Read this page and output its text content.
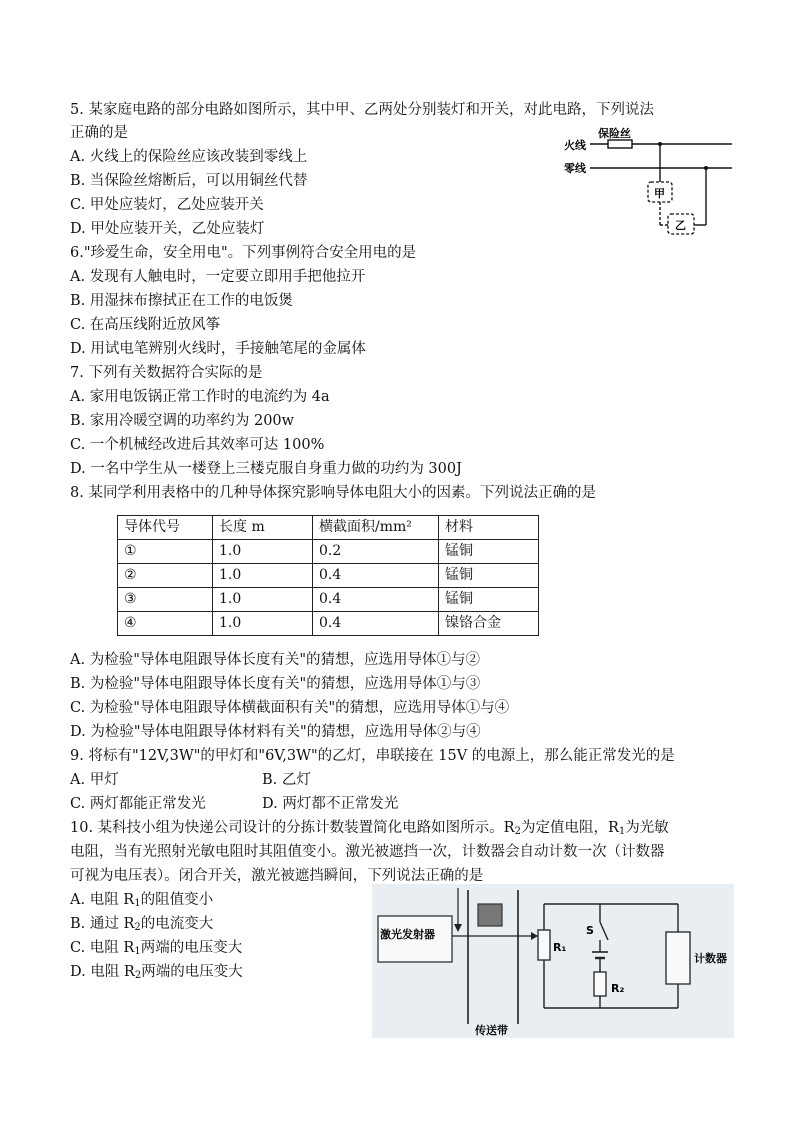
5. 某家庭电路的部分电路如图所示，其中甲、乙两处分别装灯和开关，对此电路，下列说法
正确的是
A. 火线上的保险丝应该改装到零线上
B. 当保险丝熔断后，可以用铜丝代替
C. 甲处应装灯，乙处应装开关
D. 甲处应装开关，乙处应装灯
保险丝
火线
零线
甲
乙
6."珍爱生命，安全用电"。下列事例符合安全用电的是
A. 发现有人触电时，一定要立即用手把他拉开
B. 用湿抹布擦拭正在工作的电饭煲
C. 在高压线附近放风筝
D. 用试电笔辨别火线时，手接触笔尾的金属体
7. 下列有关数据符合实际的是
A. 家用电饭锅正常工作时的电流约为 4a
B. 家用冷暖空调的功率约为 200w
C. 一个机械经改进后其效率可达 100%
D. 一名中学生从一楼登上三楼克服自身重力做的功约为 300J
8. 某同学利用表格中的几种导体探究影响导体电阻大小的因素。下列说法正确的是
导体代号	长度 m	横截面积/mm²	材料
①	1.0	0.2	锰铜
②	1.0	0.4	锰铜
③	1.0	0.4	锰铜
④	1.0	0.4	镍铬合金
A. 为检验"导体电阻跟导体长度有关"的猜想，应选用导体①与②
B. 为检验"导体电阻跟导体长度有关"的猜想，应选用导体①与③
C. 为检验"导体电阻跟导体横截面积有关"的猜想，应选用导体①与④
D. 为检验"导体电阻跟导体材料有关"的猜想，应选用导体②与④
9. 将标有"12V,3W"的甲灯和"6V,3W"的乙灯，串联接在 15V 的电源上，那么能正常发光的是
A. 甲灯	B. 乙灯
C. 两灯都能正常发光	D. 两灯都不正常发光
10. 某科技小组为快递公司设计的分拣计数装置简化电路如图所示。$R_2$为定值电阻，$R_1$为光敏
电阻，当有光照射光敏电阻时其阻值变小。激光被遮挡一次，计数器会自动计数一次（计数器
可视为电压表）。闭合开关，激光被遮挡瞬间，下列说法正确的是
A. 电阻 $R_1$的阻值变小
B. 通过 $R_2$的电流变大
C. 电阻 $R_1$两端的电压变大
D. 电阻 $R_2$两端的电压变大
激光发射器
传送带
R₁
S
R₂
计数器
